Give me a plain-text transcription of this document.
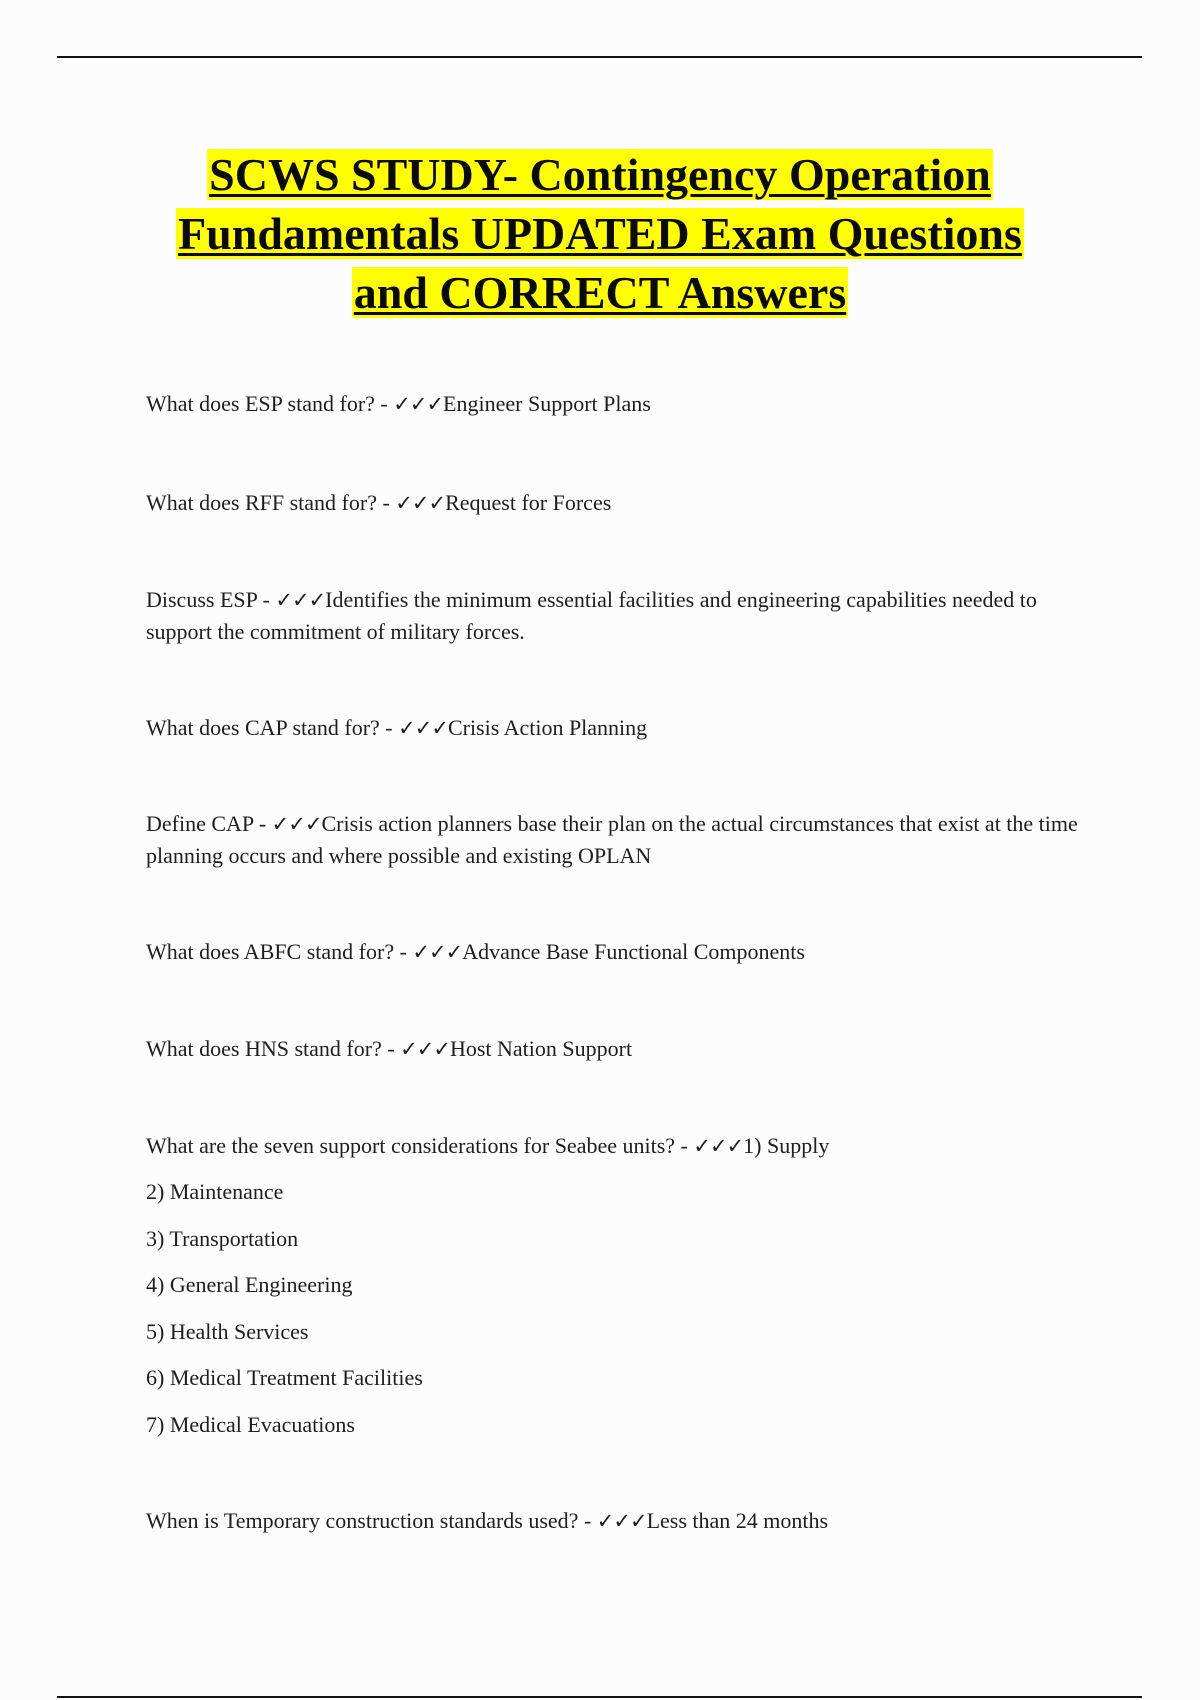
SCWS STUDY- Contingency Operation
Fundamentals UPDATED Exam Questions
and CORRECT Answers
What does ESP stand for? - ✓✓✓Engineer Support Plans
What does RFF stand for? - ✓✓✓Request for Forces
Discuss ESP - ✓✓✓Identifies the minimum essential facilities and engineering capabilities needed to support the commitment of military forces.
What does CAP stand for? - ✓✓✓Crisis Action Planning
Define CAP - ✓✓✓Crisis action planners base their plan on the actual circumstances that exist at the time planning occurs and where possible and existing OPLAN
What does ABFC stand for? - ✓✓✓Advance Base Functional Components
What does HNS stand for? - ✓✓✓Host Nation Support
What are the seven support considerations for Seabee units? - ✓✓✓1) Supply
2) Maintenance
3) Transportation
4) General Engineering
5) Health Services
6) Medical Treatment Facilities
7) Medical Evacuations
When is Temporary construction standards used? - ✓✓✓Less than 24 months
